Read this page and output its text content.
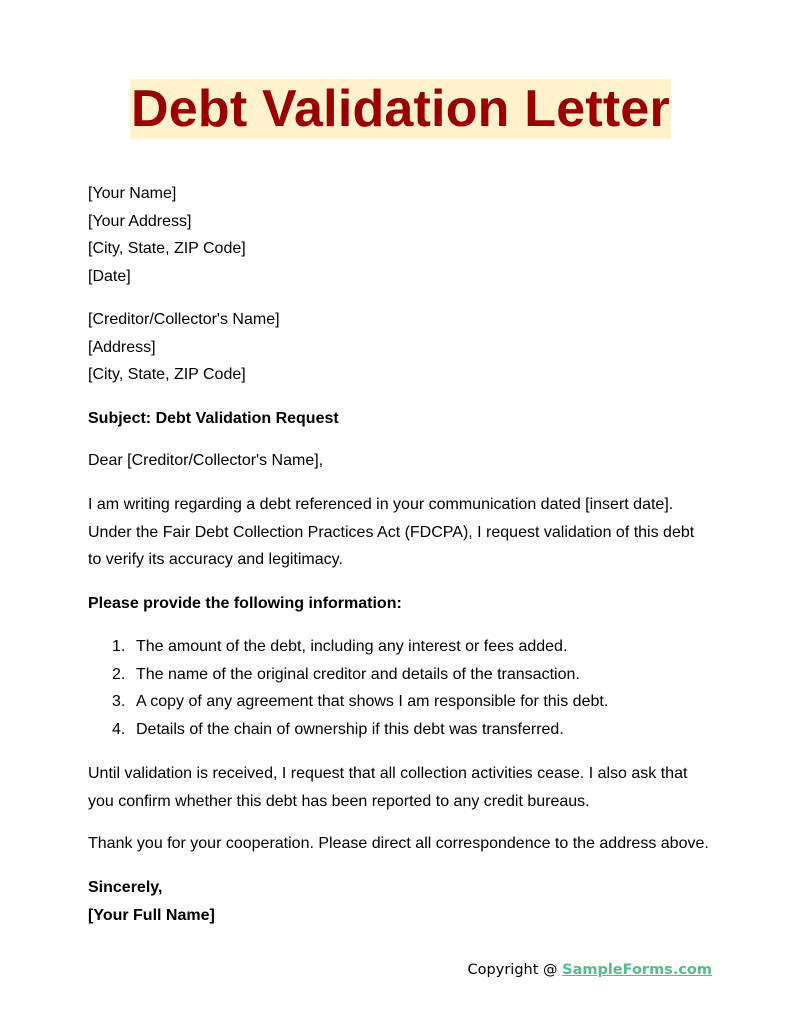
Debt Validation Letter
[Your Name]
[Your Address]
[City, State, ZIP Code]
[Date]
[Creditor/Collector's Name]
[Address]
[City, State, ZIP Code]
Subject: Debt Validation Request
Dear [Creditor/Collector's Name],
I am writing regarding a debt referenced in your communication dated [insert date].
Under the Fair Debt Collection Practices Act (FDCPA), I request validation of this debt
to verify its accuracy and legitimacy.
Please provide the following information:
1. The amount of the debt, including any interest or fees added.
2. The name of the original creditor and details of the transaction.
3. A copy of any agreement that shows I am responsible for this debt.
4. Details of the chain of ownership if this debt was transferred.
Until validation is received, I request that all collection activities cease. I also ask that
you confirm whether this debt has been reported to any credit bureaus.
Thank you for your cooperation. Please direct all correspondence to the address above.
Sincerely,
[Your Full Name]
Copyright @ SampleForms.com
